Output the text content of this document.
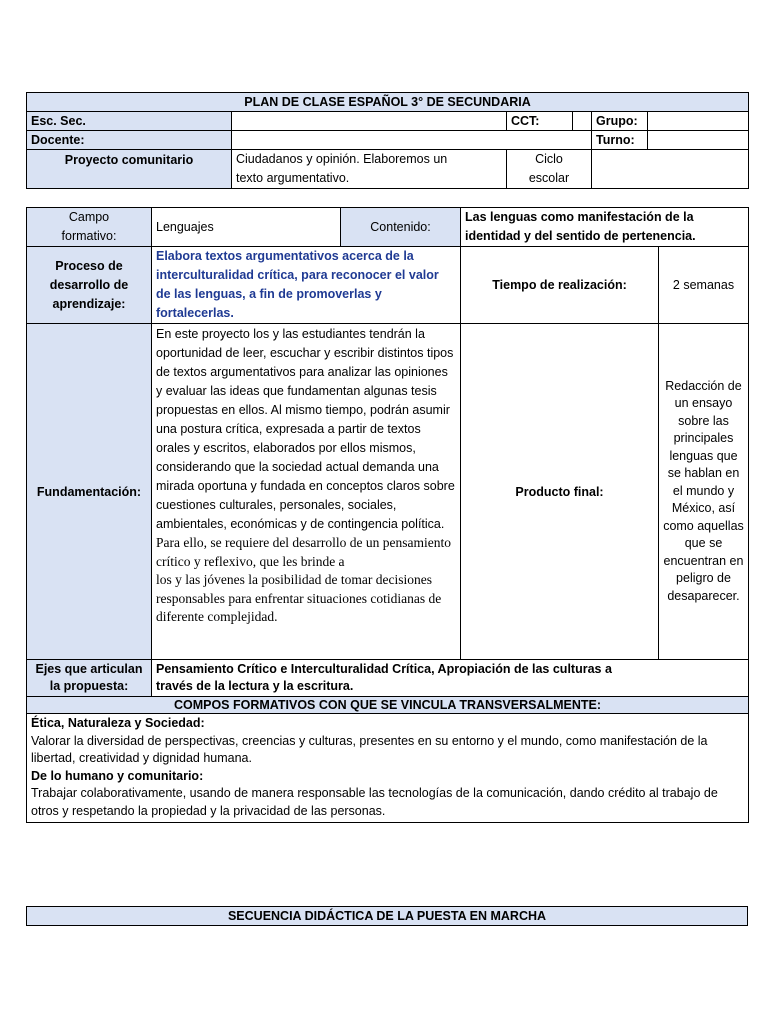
PLAN DE CLASE ESPAÑOL 3° DE SECUNDARIA					
Esc. Sec.		CCT:		Grupo:	
Docente:				Turno:	
Proyecto comunitario	Ciudadanos y opinión. Elaboremos un texto argumentativo.	Ciclo escolar			
Campo formativo:	Lenguajes	Contenido:	Las lenguas como manifestación de la identidad y del sentido de pertenencia.	
Proceso de desarrollo de aprendizaje:	Elabora textos argumentativos acerca de la interculturalidad crítica, para reconocer el valor de las lenguas, a fin de promoverlas y fortalecerlas.		Tiempo de realización:	2 semanas
Fundamentación:	En este proyecto los y las estudiantes tendrán la oportunidad de leer, escuchar y escribir distintos tipos de textos argumentativos para analizar las opiniones y evaluar las ideas que fundamentan algunas tesis propuestas en ellos. Al mismo tiempo, podrán asumir una postura crítica, expresada a partir de textos orales y escritos, elaborados por ellos mismos, considerando que la sociedad actual demanda una mirada oportuna y fundada en conceptos claros sobre cuestiones culturales, personales, sociales, ambientales, económicas y de contingencia política.
Para ello, se requiere del desarrollo de un pensamiento crítico y reflexivo, que les brinde a
los y las jóvenes la posibilidad de tomar decisiones responsables para enfrentar situaciones cotidianas de diferente complejidad.		Producto final:	Redacción de un ensayo sobre las principales lenguas que se hablan en el mundo y México, así como aquellas que se encuentran en peligro de desaparecer.
Ejes que articulan la propuesta:	Pensamiento Crítico e Interculturalidad Crítica, Apropiación de las culturas a través de la lectura y la escritura.			
COMPOS FORMATIVOS CON QUE SE VINCULA TRANSVERSALMENTE:				

Ética, Naturaleza y Sociedad:
Valorar la diversidad de perspectivas, creencias y culturas, presentes en su entorno y el mundo, como manifestación de la libertad, creatividad y dignidad humana.
De lo humano y comunitario:
Trabajar colaborativamente, usando de manera responsable las tecnologías de la comunicación, dando crédito al trabajo de otros y respetando la propiedad y la privacidad de las personas.				
SECUENCIA DIDÁCTICA DE LA PUESTA EN MARCHA
